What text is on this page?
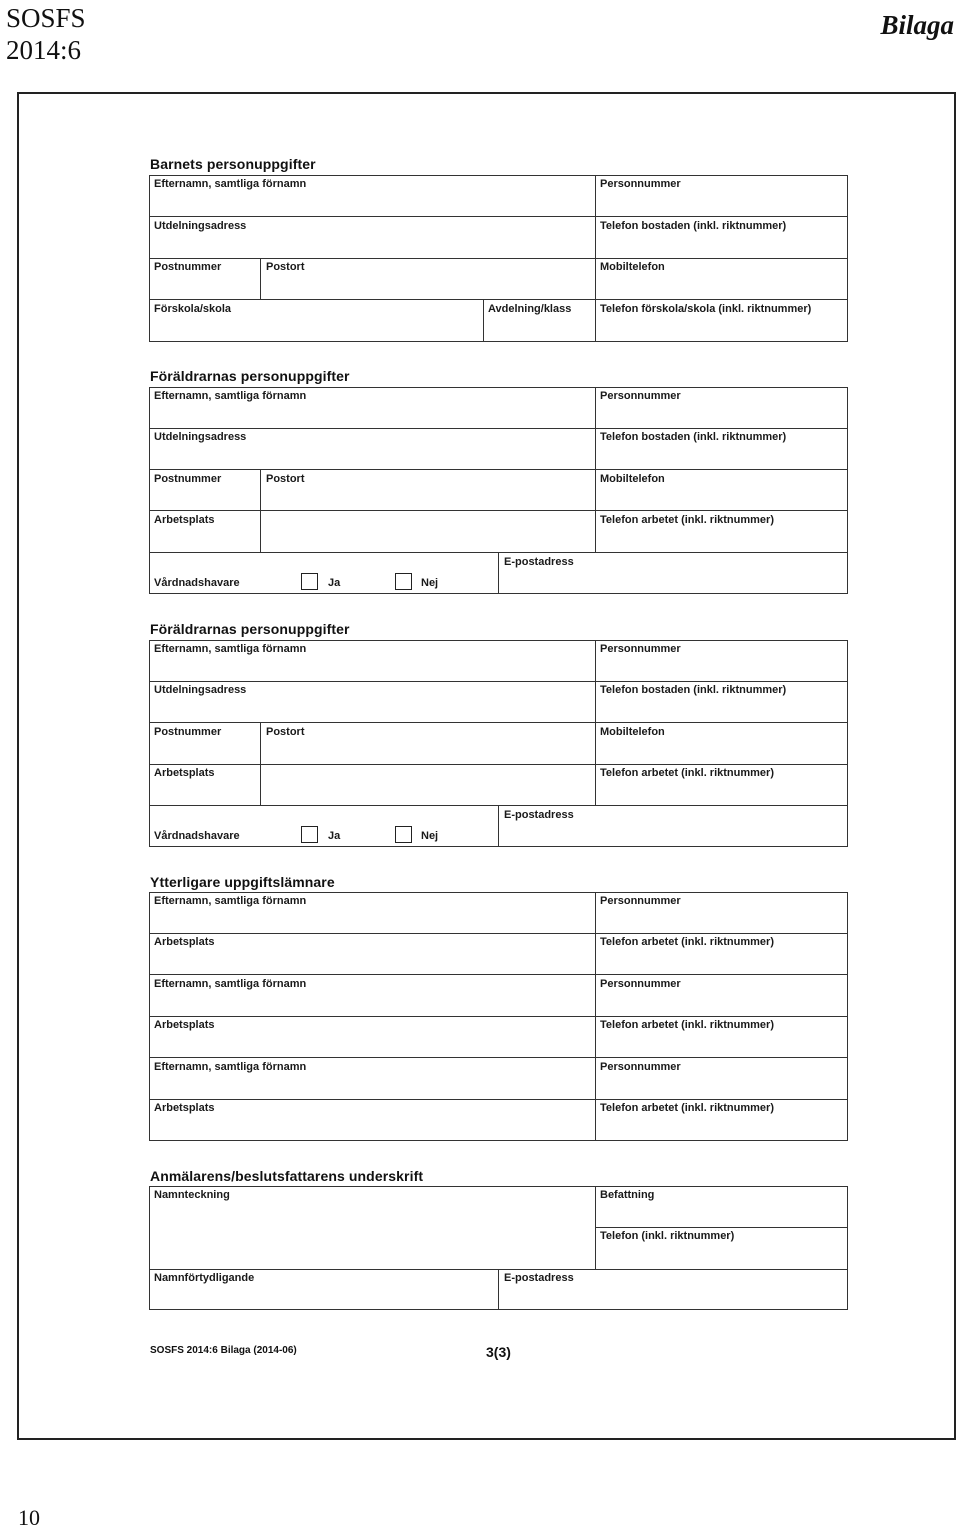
SOSFS
2014:6
Bilaga
Barnets personuppgifter
Efternamn, samtliga förnamn	Personnummer
Utdelningsadress	Telefon bostaden (inkl. riktnummer)
Postnummer	Postort	Mobiltelefon
Förskola/skola	Avdelning/klass	Telefon förskola/skola (inkl. riktnummer)
Föräldrarnas personuppgifter
Efternamn, samtliga förnamn	Personnummer
Utdelningsadress	Telefon bostaden (inkl. riktnummer)
Postnummer	Postort	Mobiltelefon
Arbetsplats	Telefon arbetet (inkl. riktnummer)
Vårdnadshavare	Ja	Nej
E-postadress
Föräldrarnas personuppgifter
Efternamn, samtliga förnamn	Personnummer
Utdelningsadress	Telefon bostaden (inkl. riktnummer)
Postnummer	Postort	Mobiltelefon
Arbetsplats	Telefon arbetet (inkl. riktnummer)
Vårdnadshavare	Ja	Nej
E-postadress
Ytterligare uppgiftslämnare
Efternamn, samtliga förnamn	Personnummer
Arbetsplats	Telefon arbetet (inkl. riktnummer)
Efternamn, samtliga förnamn	Personnummer
Arbetsplats	Telefon arbetet (inkl. riktnummer)
Efternamn, samtliga förnamn	Personnummer
Arbetsplats	Telefon arbetet (inkl. riktnummer)
Anmälarens/beslutsfattarens underskrift
Namnteckning	Befattning
Telefon (inkl. riktnummer)
Namnförtydligande	E-postadress
SOSFS 2014:6 Bilaga (2014-06)	3(3)
10
